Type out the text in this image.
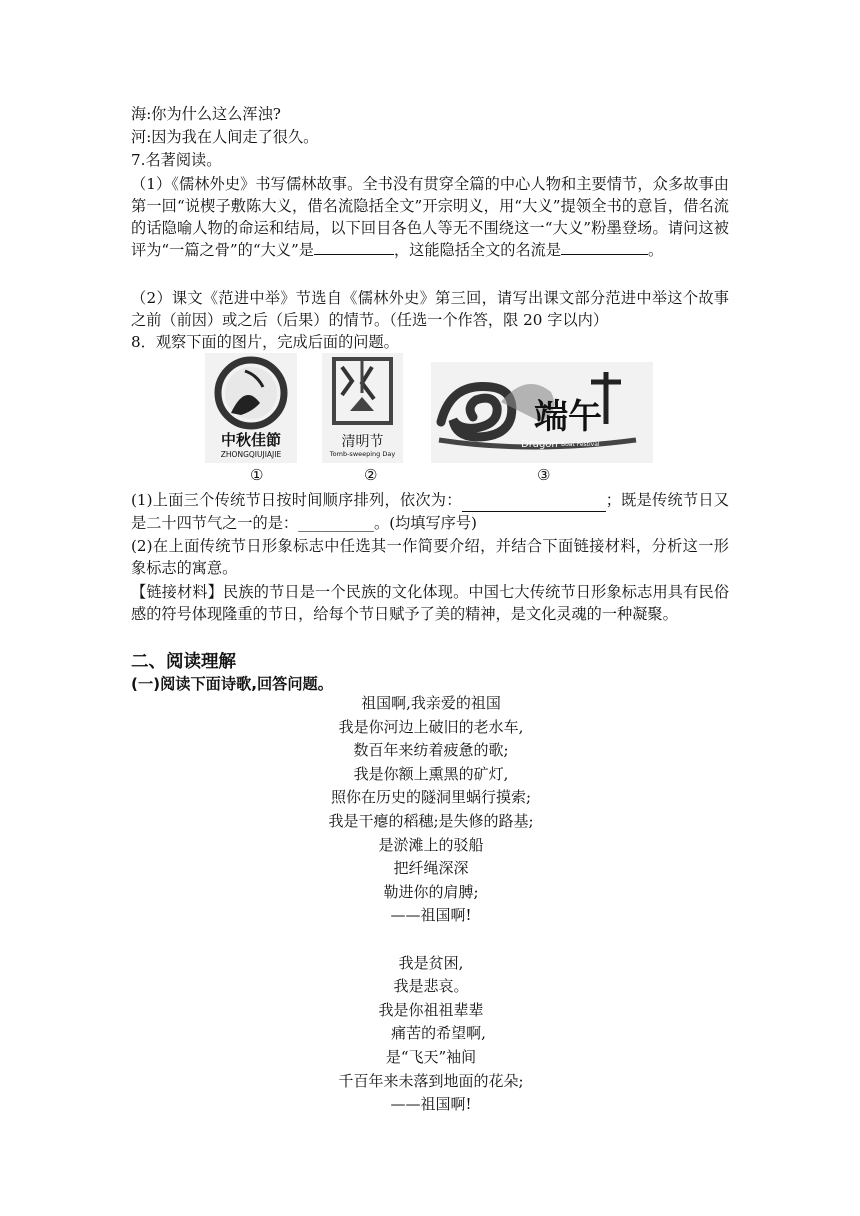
海:你为什么这么浑浊?
河:因为我在人间走了很久。
7.名著阅读。
（1）《儒林外史》书写儒林故事。全书没有贯穿全篇的中心人物和主要情节，众多故事由第一回“说楔子敷陈大义，借名流隐括全文”开宗明义，用“大义”提领全书的意旨，借名流的话隐喻人物的命运和结局，以下回目各色人等无不围绕这一“大义”粉墨登场。请问这被评为“一篇之骨”的“大义”是	，这能隐括全文的名流是	。
（2）课文《范进中举》节选自《儒林外史》第三回，请写出课文部分范进中举这个故事之前（前因）或之后（后果）的情节。（任选一个作答，限 20 字以内）
8．观察下面的图片，完成后面的问题。
中秋佳節
ZHONGQIUJIAJIE
清明节
Tomb-sweeping Day
端午
Dragon Boat Festival
①	②	③
(1)上面三个传统节日按时间顺序排列，依次为：	；既是传统节日又是二十四节气之一的是：__________。(均填写序号)
(2)在上面传统节日形象标志中任选其一作简要介绍，并结合下面链接材料，分析这一形象标志的寓意。
【链接材料】民族的节日是一个民族的文化体现。中国七大传统节日形象标志用具有民俗感的符号体现隆重的节日，给每个节日赋予了美的精神，是文化灵魂的一种凝聚。
二、阅读理解
(一)阅读下面诗歌,回答问题。
祖国啊,我亲爱的祖国
我是你河边上破旧的老水车,
数百年来纺着疲惫的歌;
我是你额上熏黑的矿灯,
照你在历史的隧洞里蜗行摸索;
我是干瘪的稻穗;是失修的路基;
是淤滩上的驳船
把纤绳深深
勒进你的肩膊;
——祖国啊!
我是贫困,
我是悲哀。
我是你祖祖辈辈
　痛苦的希望啊,
是“飞天”袖间
千百年来未落到地面的花朵;
——祖国啊!
